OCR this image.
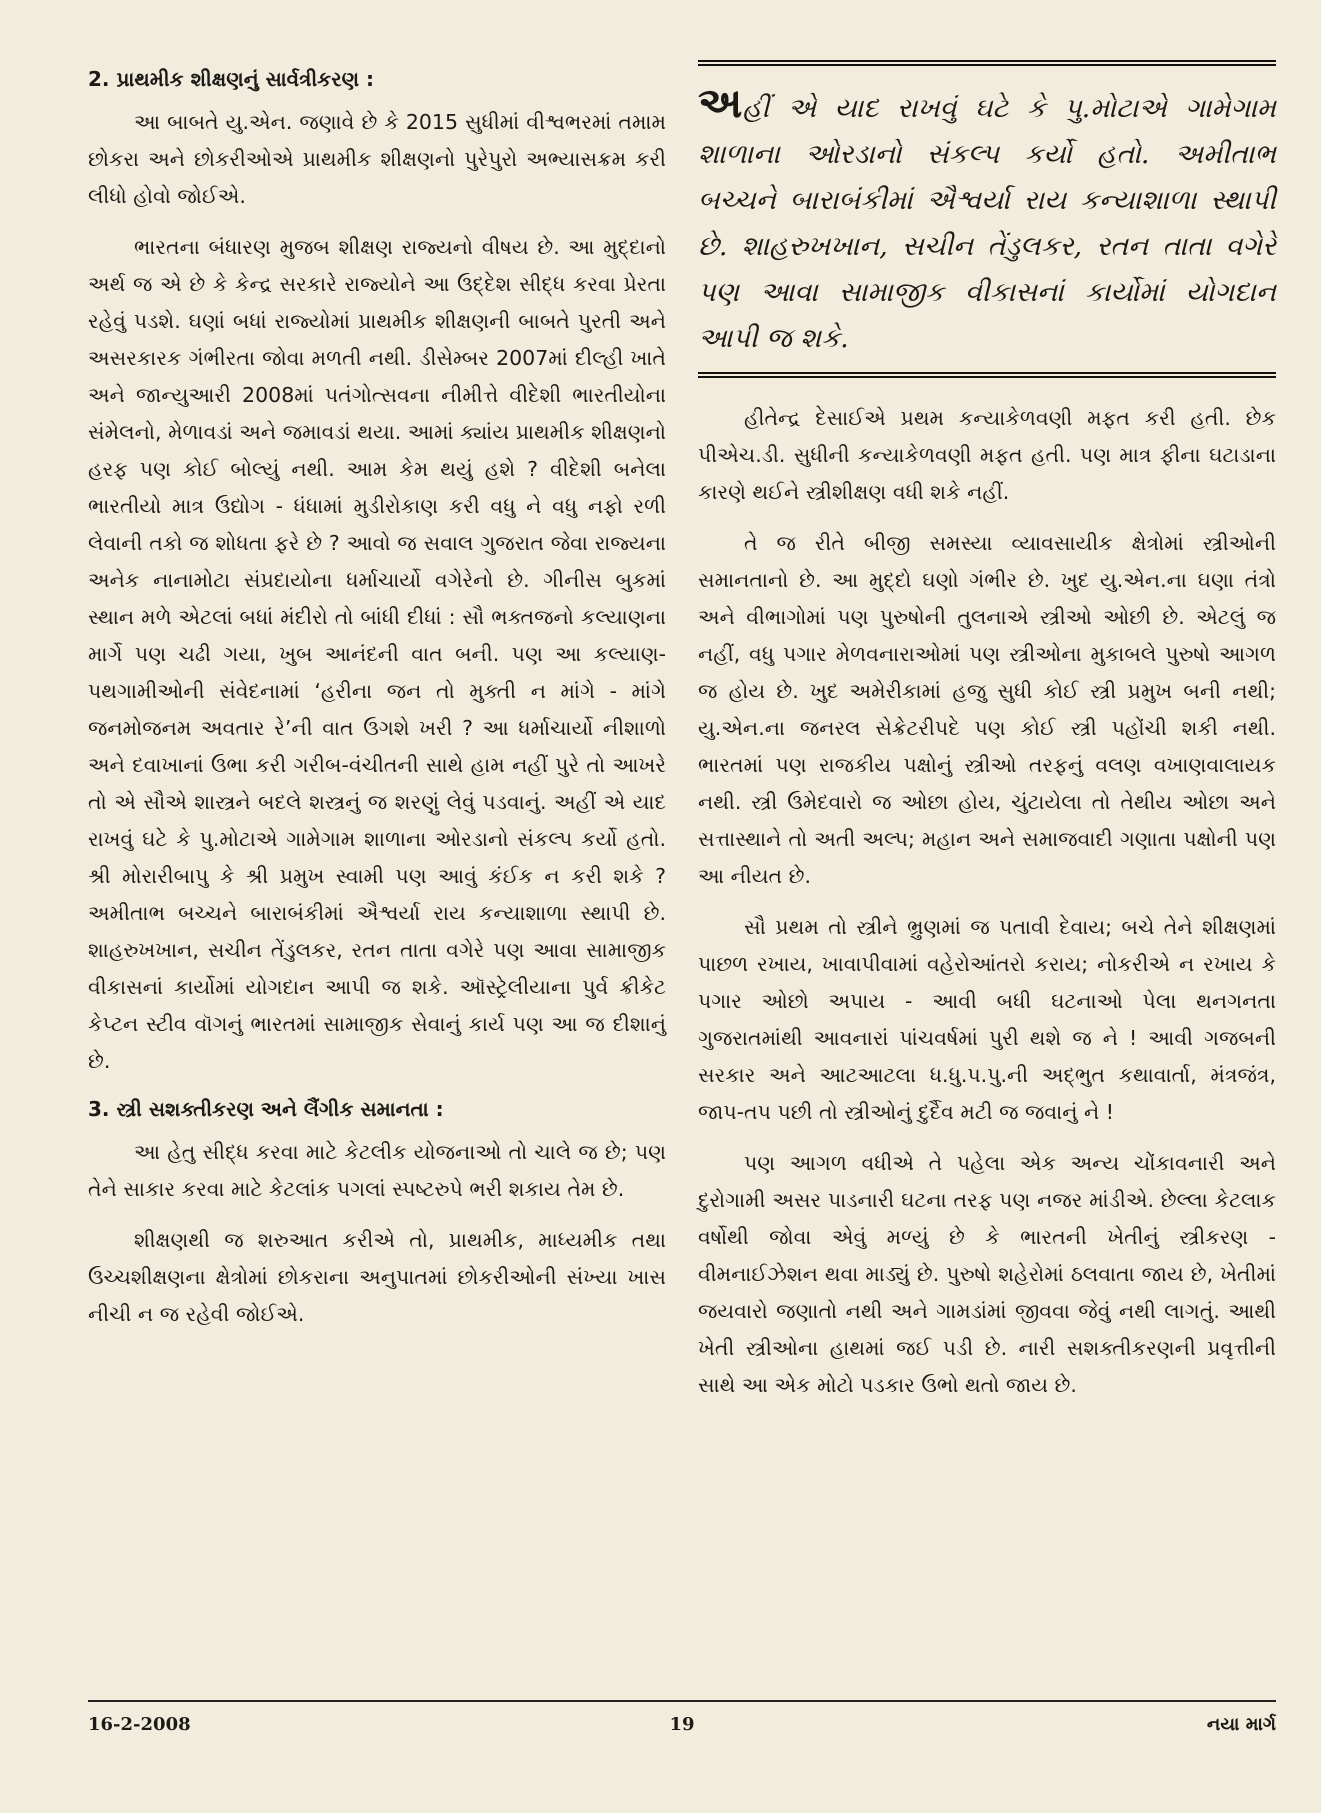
2. પ્રાથમીક શીક્ષણનું સાર્વત્રીકરણ :

આ બાબતે યુ.એન. જણાવે છે કે 2015 સુધીમાં વીશ્વભરમાં તમામ છોકરા અને છોકરીઓએ પ્રાથમીક શીક્ષણનો પુરેપુરો અભ્યાસક્રમ કરી લીધો હોવો જોઈએ.

ભારતના બંધારણ મુજબ શીક્ષણ રાજ્યનો વીષય છે. આ મુદ્દાનો અર્થ જ એ છે કે કેન્દ્ર સરકારે રાજ્યોને આ ઉદ્દેશ સીદ્ધ કરવા પ્રેરતા રહેવું પડશે. ઘણાં બધાં રાજ્યોમાં પ્રાથમીક શીક્ષણની બાબતે પુરતી અને અસરકારક ગંભીરતા જોવા મળતી નથી. ડીસેમ્બર 2007માં દીલ્હી ખાતે અને જાન્યુઆરી 2008માં પતંગોત્સવના નીમીત્તે વીદેશી ભારતીયોના સંમેલનો, મેળાવડાં અને જમાવડાં થયા. આમાં ક્યાંય પ્રાથમીક શીક્ષણનો હરફ પણ કોઈ બોલ્યું નથી. આમ કેમ થયું હશે ? વીદેશી બનેલા ભારતીયો માત્ર ઉદ્યોગ - ધંધામાં મુડીરોકાણ કરી વધુ ને વધુ નફો રળી લેવાની તકો જ શોધતા ફરે છે ? આવો જ સવાલ ગુજરાત જેવા રાજ્યના અનેક નાનામોટા સંપ્રદાયોના ધર્માચાર્યો વગેરેનો છે. ગીનીસ બુકમાં સ્થાન મળે એટલાં બધાં મંદીરો તો બાંધી દીધાં : સૌ ભક્તજનો કલ્યાણના માર્ગે પણ ચઢી ગયા, ખુબ આનંદની વાત બની. પણ આ કલ્યાણ-પથગામીઓની સંવેદનામાં ‘હરીના જન તો મુક્તી ન માંગે - માંગે જનમોજનમ અવતાર રે’ની વાત ઉગશે ખરી ? આ ધર્માચાર્યો નીશાળો અને દવાખાનાં ઉભા કરી ગરીબ-વંચીતની સાથે હામ નહીં પુરે તો આખરે તો એ સૌએ શાસ્ત્રને બદલે શસ્ત્રનું જ શરણું લેવું પડવાનું. અહીં એ યાદ રાખવું ઘટે કે પુ.મોટાએ ગામેગામ શાળાના ઓરડાનો સંકલ્પ કર્યો હતો. શ્રી મોરારીબાપુ કે શ્રી પ્રમુખ સ્વામી પણ આવું કંઈક ન કરી શકે ? અમીતાભ બચ્ચને બારાબંકીમાં ઐશ્વર્યા રાય કન્યાશાળા સ્થાપી છે. શાહરુખખાન, સચીન તેંડુલકર, રતન તાતા વગેરે પણ આવા સામાજીક વીકાસનાં કાર્યોમાં યોગદાન આપી જ શકે. ઑસ્ટ્રેલીયાના પુર્વ ક્રીકેટ કેપ્ટન સ્ટીવ વૉગનું ભારતમાં સામાજીક સેવાનું કાર્ય પણ આ જ દીશાનું છે.

3. સ્ત્રી સશક્તીકરણ અને લૈંગીક સમાનતા :

આ હેતુ સીદ્ધ કરવા માટે કેટલીક યોજનાઓ તો ચાલે જ છે; પણ તેને સાકાર કરવા માટે કેટલાંક પગલાં સ્પષ્ટરુપે ભરી શકાય તેમ છે.

શીક્ષણથી જ શરુઆત કરીએ તો, પ્રાથમીક, માધ્યમીક તથા ઉચ્ચશીક્ષણના ક્ષેત્રોમાં છોકરાના અનુપાતમાં છોકરીઓની સંખ્યા ખાસ નીચી ન જ રહેવી જોઈએ.

અહીં એ યાદ રાખવું ઘટે કે પુ.મોટાએ ગામેગામ શાળાના ઓરડાનો સંકલ્પ કર્યો હતો. અમીતાભ બચ્ચને બારાબંકીમાં ઐશ્વર્યા રાય કન્યાશાળા સ્થાપી છે. શાહરુખખાન, સચીન તેંડુલકર, રતન તાતા વગેરે પણ આવા સામાજીક વીકાસનાં કાર્યોમાં યોગદાન આપી જ શકે.

હીતેન્દ્ર દેસાઈએ પ્રથમ કન્યાકેળવણી મફત કરી હતી. છેક પીએચ.ડી. સુધીની કન્યાકેળવણી મફત હતી. પણ માત્ર ફીના ઘટાડાના કારણે થઈને સ્ત્રીશીક્ષણ વધી શકે નહીં.

તે જ રીતે બીજી સમસ્યા વ્યાવસાયીક ક્ષેત્રોમાં સ્ત્રીઓની સમાનતાનો છે. આ મુદ્દો ઘણો ગંભીર છે. ખુદ યુ.એન.ના ઘણા તંત્રો અને વીભાગોમાં પણ પુરુષોની તુલનાએ સ્ત્રીઓ ઓછી છે. એટલું જ નહીં, વધુ પગાર મેળવનારાઓમાં પણ સ્ત્રીઓના મુકાબલે પુરુષો આગળ જ હોય છે. ખુદ અમેરીકામાં હજુ સુધી કોઈ સ્ત્રી પ્રમુખ બની નથી; યુ.એન.ના જનરલ સેક્રેટરીપદે પણ કોઈ સ્ત્રી પહોંચી શકી નથી. ભારતમાં પણ રાજકીય પક્ષોનું સ્ત્રીઓ તરફનું વલણ વખાણવાલાયક નથી. સ્ત્રી ઉમેદવારો જ ઓછા હોય, ચુંટાયેલા તો તેથીય ઓછા અને સત્તાસ્થાને તો અતી અલ્પ; મહાન અને સમાજવાદી ગણાતા પક્ષોની પણ આ નીયત છે.

સૌ પ્રથમ તો સ્ત્રીને ભ્રુણમાં જ પતાવી દેવાય; બચે તેને શીક્ષણમાં પાછળ રખાય, ખાવાપીવામાં વહેરોઆંતરો કરાય; નોકરીએ ન રખાય કે પગાર ઓછો અપાય - આવી બધી ઘટનાઓ પેલા થનગનતા ગુજરાતમાંથી આવનારાં પાંચવર્ષમાં પુરી થશે જ ને ! આવી ગજબની સરકાર અને આટઆટલા ધ.ધુ.પ.પુ.ની અદ્ભુત કથાવાર્તા, મંત્રજંત્ર, જાપ-તપ પછી તો સ્ત્રીઓનું દુર્દૈવ મટી જ જવાનું ને !

પણ આગળ વધીએ તે પહેલા એક અન્ય ચોંકાવનારી અને દુરોગામી અસર પાડનારી ઘટના તરફ પણ નજર માંડીએ. છેલ્લા કેટલાક વર્ષોથી જોવા એવું મળ્યું છે કે ભારતની ખેતીનું સ્ત્રીકરણ - વીમનાઈઝેશન થવા માડ્યું છે. પુરુષો શહેરોમાં ઠલવાતા જાય છે, ખેતીમાં જયવારો જણાતો નથી અને ગામડાંમાં જીવવા જેવું નથી લાગતું. આથી ખેતી સ્ત્રીઓના હાથમાં જઈ પડી છે. નારી સશક્તીકરણની પ્રવૃત્તીની સાથે આ એક મોટો પડકાર ઉભો થતો જાય છે.

16-2-2008	19	નયા માર્ગ
